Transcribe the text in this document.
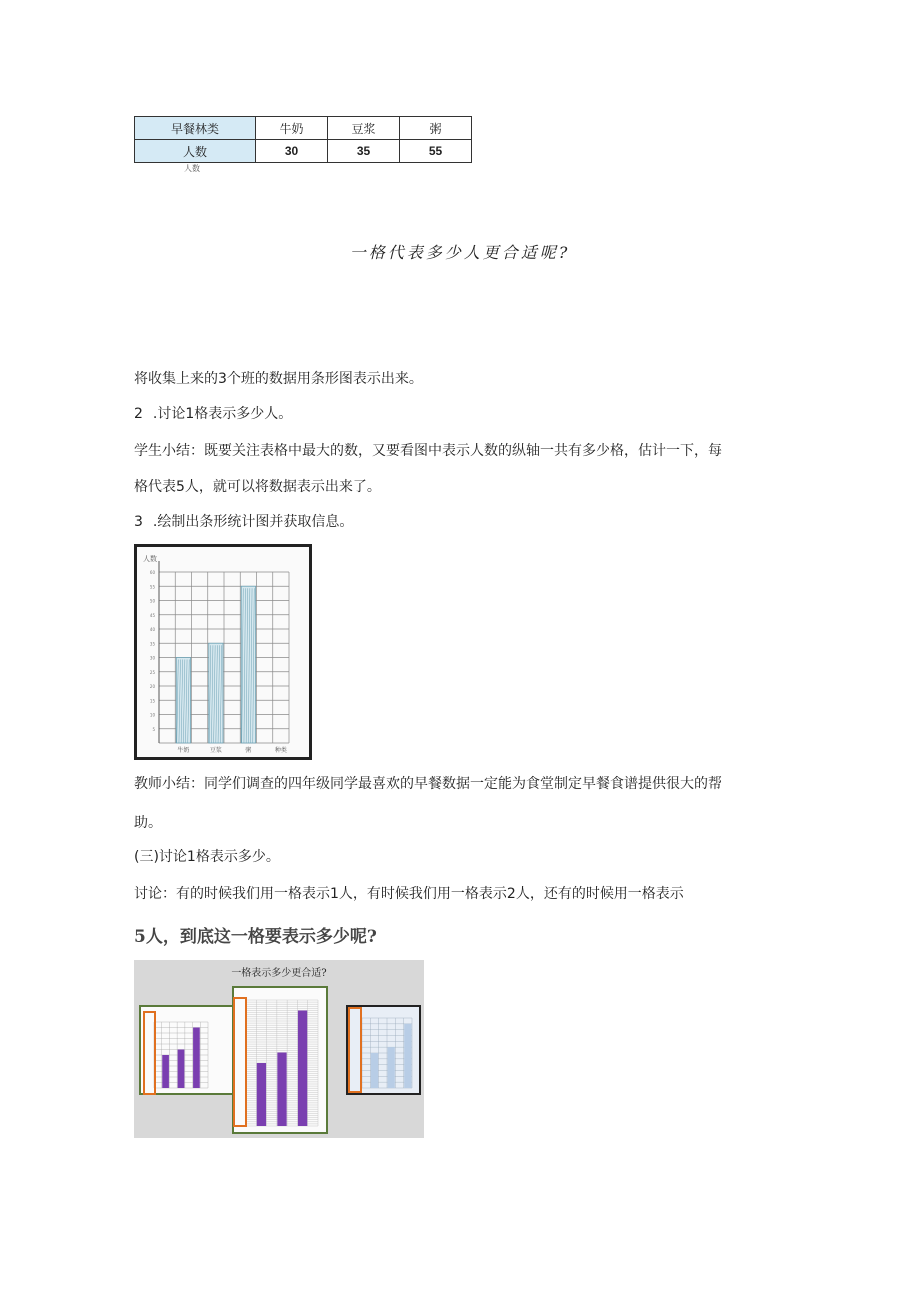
早餐林类	牛奶	豆浆	粥
人数	30	35	55
人数
一格代表多少人更合适呢?
将收集上来的3个班的数据用条形图表示出来。
2.讨论1格表示多少人。
学生小结：既要关注表格中最大的数，又要看图中表示人数的纵轴一共有多少格，估计一下，每
格代表5人，就可以将数据表示出来了。
3.绘制出条形统计图并获取信息。
人数
5
10
15
20
25
30
35
40
45
50
55
60
牛奶	豆浆	粥	种类
教师小结：同学们调查的四年级同学最喜欢的早餐数据一定能为食堂制定早餐食谱提供很大的帮
助。
(三)讨论1格表示多少。
讨论：有的时候我们用一格表示1人，有时候我们用一格表示2人，还有的时候用一格表示
5人，到底这一格要表示多少呢?
一格表示多少更合适?
